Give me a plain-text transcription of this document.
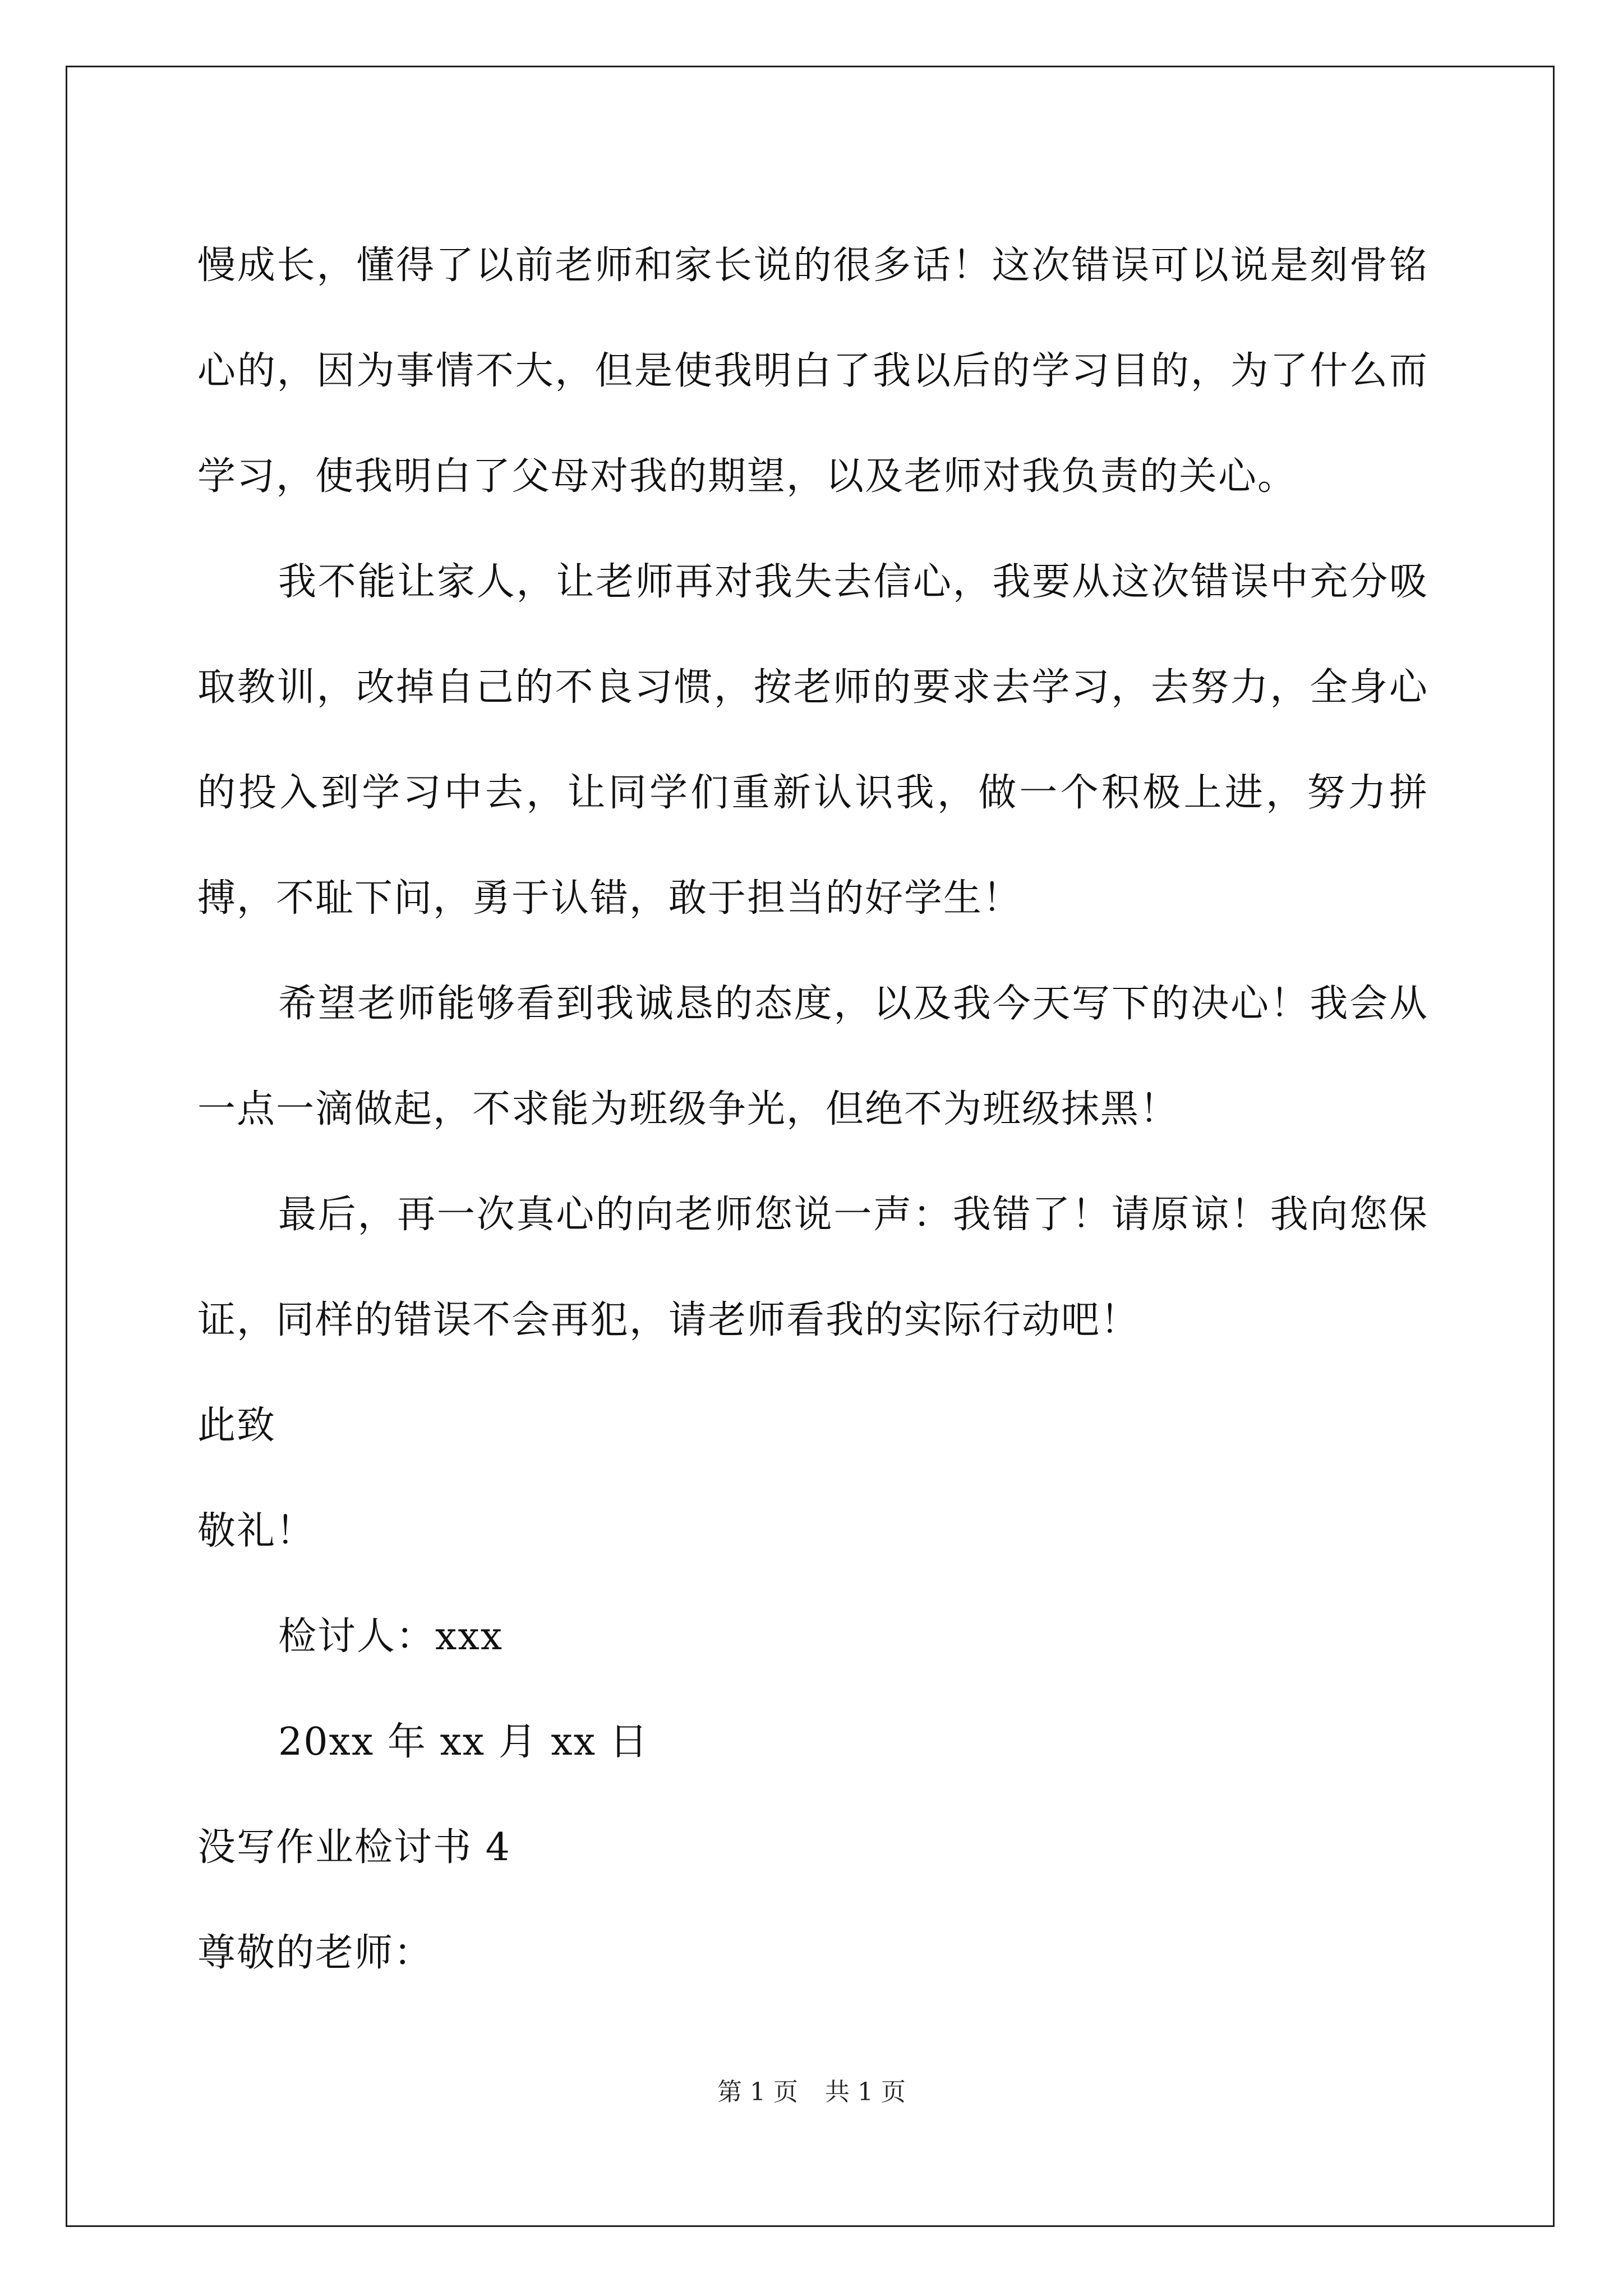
慢成长，懂得了以前老师和家长说的很多话！这次错误可以说是刻骨铭心的，因为事情不大，但是使我明白了我以后的学习目的，为了什么而学习，使我明白了父母对我的期望，以及老师对我负责的关心。

我不能让家人，让老师再对我失去信心，我要从这次错误中充分吸取教训，改掉自己的不良习惯，按老师的要求去学习，去努力，全身心的投入到学习中去，让同学们重新认识我，做一个积极上进，努力拼搏，不耻下问，勇于认错，敢于担当的好学生！

希望老师能够看到我诚恳的态度，以及我今天写下的决心！我会从一点一滴做起，不求能为班级争光，但绝不为班级抹黑！

最后，再一次真心的向老师您说一声：我错了！请原谅！我向您保证，同样的错误不会再犯，请老师看我的实际行动吧！

此致

敬礼！

检讨人：xxx

20xx 年 xx 月 xx 日

没写作业检讨书 4

尊敬的老师：

第 1 页 共 1 页
